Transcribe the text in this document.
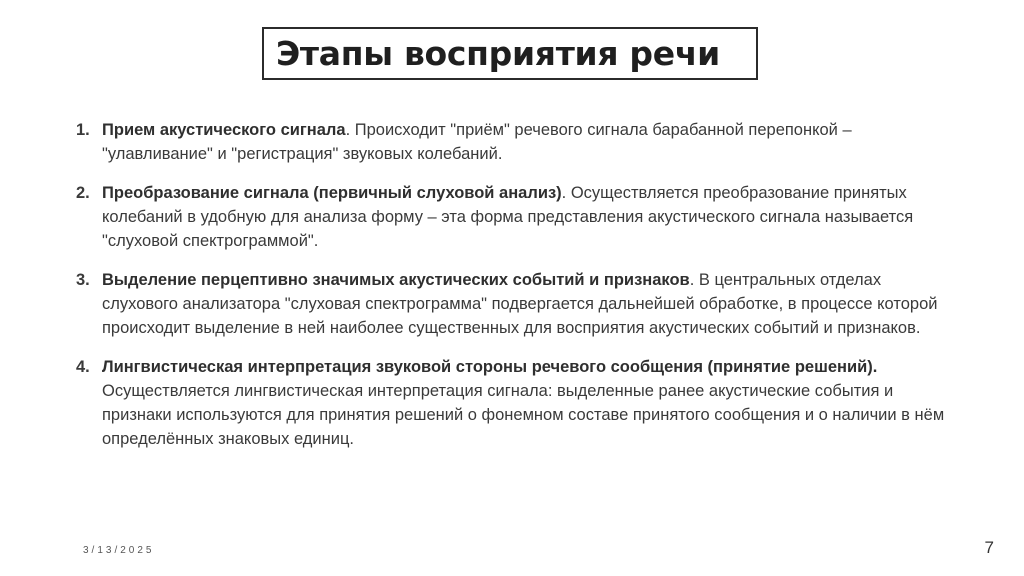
Этапы восприятия речи
1. Прием акустического сигнала. Происходит "приём" речевого сигнала барабанной перепонкой – "улавливание" и "регистрация" звуковых колебаний.
2. Преобразование сигнала (первичный слуховой анализ). Осуществляется преобразование принятых колебаний в удобную для анализа форму – эта форма представления акустического сигнала называется "слуховой спектрограммой".
3. Выделение перцептивно значимых акустических событий и признаков. В центральных отделах слухового анализатора "слуховая спектрограмма" подвергается дальнейшей обработке, в процессе которой происходит выделение в ней наиболее существенных для восприятия акустических событий и признаков.
4. Лингвистическая интерпретация звуковой стороны речевого сообщения (принятие решений). Осуществляется лингвистическая интерпретация сигнала: выделенные ранее акустические события и признаки используются для принятия решений о фонемном составе принятого сообщения и о наличии в нём определённых знаковых единиц.
3/13/2025	7
